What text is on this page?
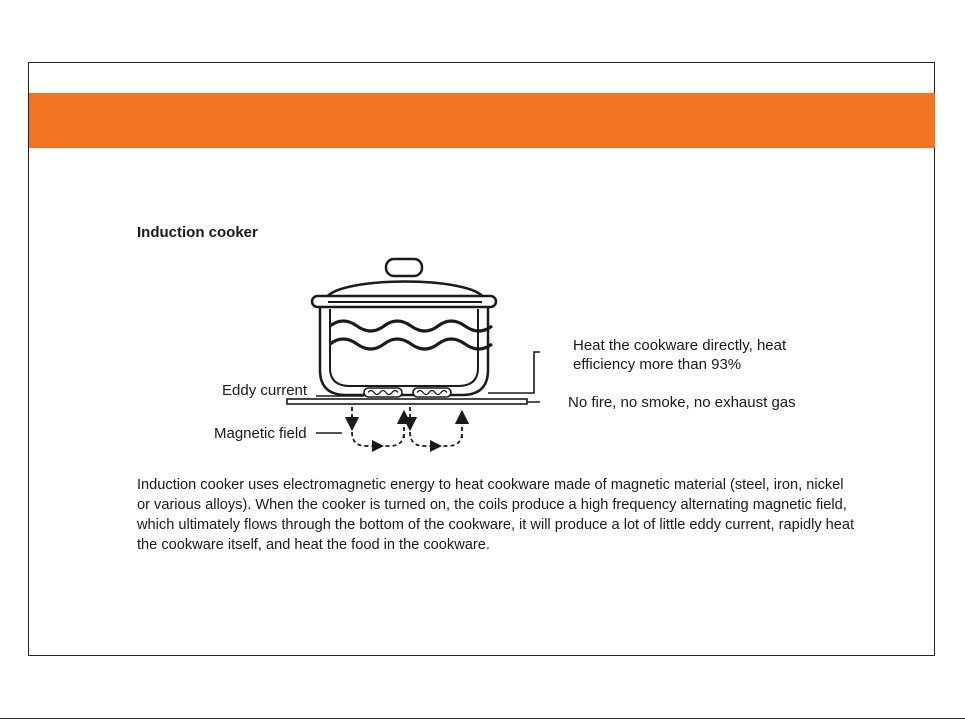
Induction cooker
Eddy current
Magnetic field
Heat the cookware directly, heat
efficiency more than 93%
No fire, no smoke, no exhaust gas

Induction cooker uses electromagnetic energy to heat cookware made of magnetic material (steel, iron, nickel or various alloys). When the cooker is turned on, the coils produce a high frequency alternating magnetic field, which ultimately flows through the bottom of the cookware, it will produce a lot of little eddy current, rapidly heat the cookware itself, and heat the food in the cookware.
